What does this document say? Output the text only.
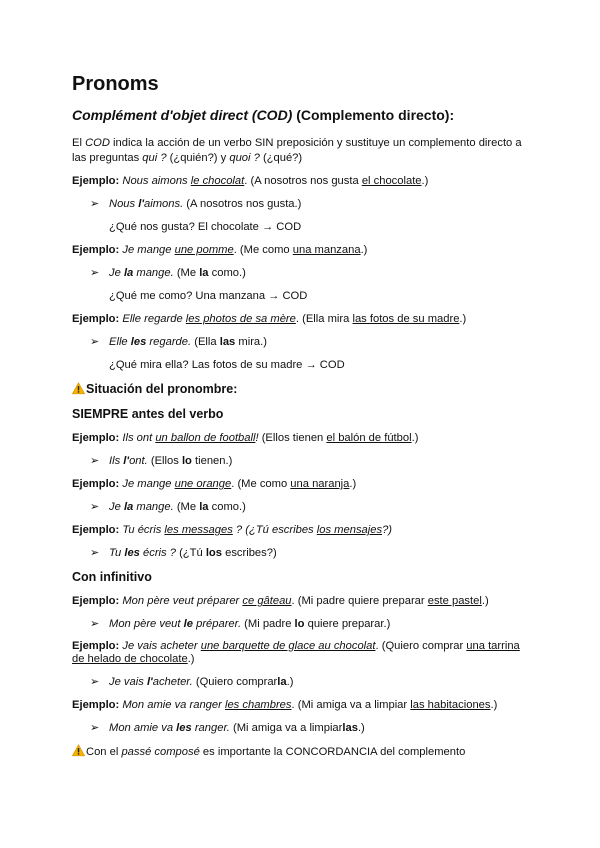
Pronoms
Complément d'objet direct (COD) (Complemento directo):
El COD indica la acción de un verbo SIN preposición y sustituye un complemento directo a las preguntas qui ? (¿quién?) y quoi ? (¿qué?)
Ejemplo: Nous aimons le chocolat. (A nosotros nos gusta el chocolate.)
➢ Nous l'aimons. (A nosotros nos gusta.)
¿Qué nos gusta? El chocolate → COD
Ejemplo: Je mange une pomme. (Me como una manzana.)
➢ Je la mange. (Me la como.)
¿Qué me como? Una manzana → COD
Ejemplo: Elle regarde les photos de sa mère. (Ella mira las fotos de su madre.)
➢ Elle les regarde. (Ella las mira.)
¿Qué mira ella? Las fotos de su madre → COD
Situación del pronombre:
SIEMPRE antes del verbo
Ejemplo: Ils ont un ballon de football! (Ellos tienen el balón de fútbol.)
➢ Ils l'ont. (Ellos lo tienen.)
Ejemplo: Je mange une orange. (Me como una naranja.)
➢ Je la mange. (Me la como.)
Ejemplo: Tu écris les messages ? (¿Tú escribes los mensajes?)
➢ Tu les écris ? (¿Tú los escribes?)
Con infinitivo
Ejemplo: Mon père veut préparer ce gâteau. (Mi padre quiere preparar este pastel.)
➢ Mon père veut le préparer. (Mi padre lo quiere preparar.)
Ejemplo: Je vais acheter une barquette de glace au chocolat. (Quiero comprar una tarrina de helado de chocolate.)
➢ Je vais l'acheter. (Quiero comprarla.)
Ejemplo: Mon amie va ranger les chambres. (Mi amiga va a limpiar las habitaciones.)
➢ Mon amie va les ranger. (Mi amiga va a limpiarlas.)
Con el passé composé es importante la CONCORDANCIA del complemento
